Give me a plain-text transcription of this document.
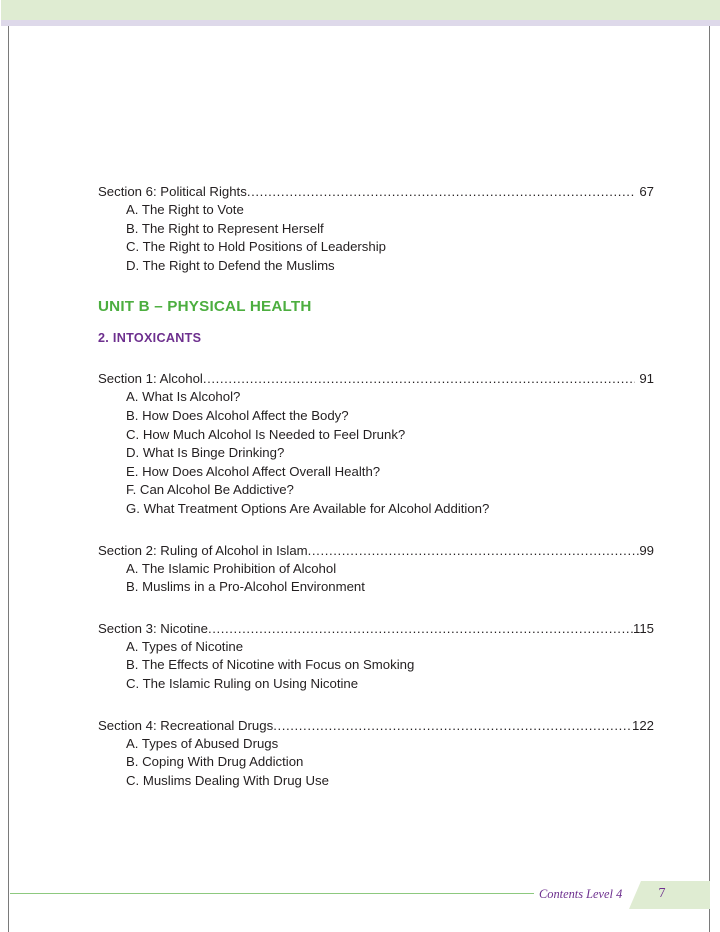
Section 6: Political Rights .....	67
A. The Right to Vote
B. The Right to Represent Herself
C. The Right to Hold Positions of Leadership
D. The Right to Defend the Muslims
UNIT B – PHYSICAL HEALTH
2. INTOXICANTS
Section 1: Alcohol .....	91
A. What Is Alcohol?
B. How Does Alcohol Affect the Body?
C. How Much Alcohol Is Needed to Feel Drunk?
D. What Is Binge Drinking?
E. How Does Alcohol Affect Overall Health?
F. Can Alcohol Be Addictive?
G. What Treatment Options Are Available for Alcohol Addition?
Section 2: Ruling of Alcohol in Islam .....	99
A. The Islamic Prohibition of Alcohol
B. Muslims in a Pro-Alcohol Environment
Section 3: Nicotine .....	115
A. Types of Nicotine
B. The Effects of Nicotine with Focus on Smoking
C. The Islamic Ruling on Using Nicotine
Section 4: Recreational Drugs .....	122
A. Types of Abused Drugs
B. Coping With Drug Addiction
C. Muslims Dealing With Drug Use
Contents Level 4	7
